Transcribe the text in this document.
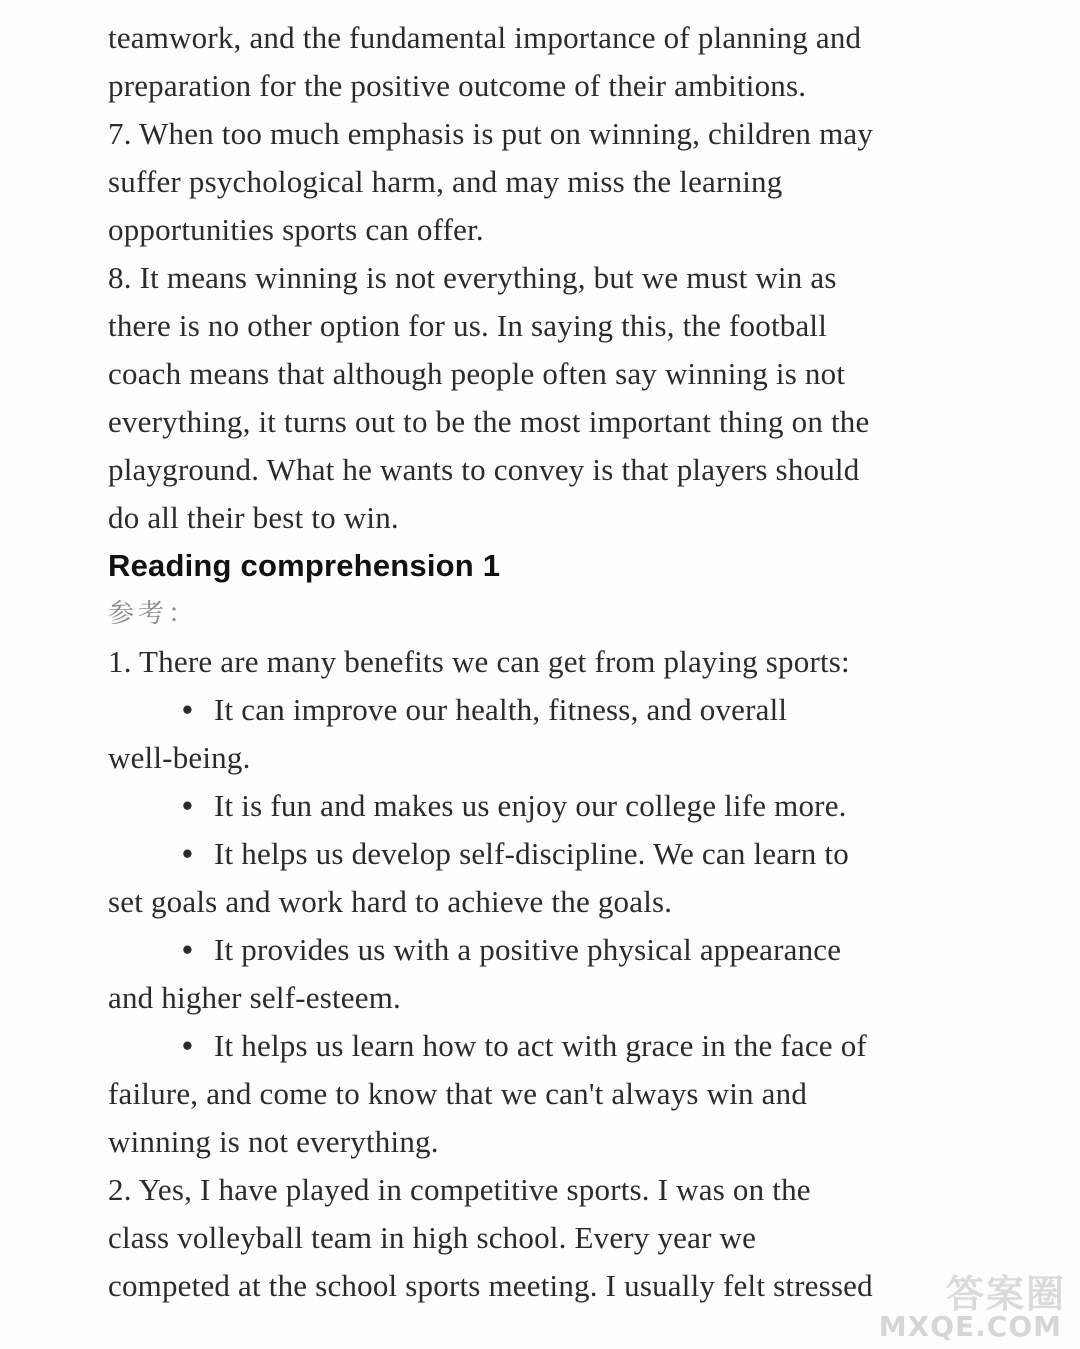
teamwork, and the fundamental importance of planning and
preparation for the positive outcome of their ambitions.
7. When too much emphasis is put on winning, children may
suffer psychological harm, and may miss the learning
opportunities sports can offer.
8. It means winning is not everything, but we must win as
there is no other option for us. In saying this, the football
coach means that although people often say winning is not
everything, it turns out to be the most important thing on the
playground. What he wants to convey is that players should
do all their best to win.
Reading comprehension 1
参考：
1. There are many benefits we can get from playing sports:
• It can improve our health, fitness, and overall
well-being.
• It is fun and makes us enjoy our college life more.
• It helps us develop self-discipline. We can learn to
set goals and work hard to achieve the goals.
• It provides us with a positive physical appearance
and higher self-esteem.
• It helps us learn how to act with grace in the face of
failure, and come to know that we can't always win and
winning is not everything.
2. Yes, I have played in competitive sports. I was on the
class volleyball team in high school. Every year we
competed at the school sports meeting. I usually felt stressed	答案圈
MXQE.COM
